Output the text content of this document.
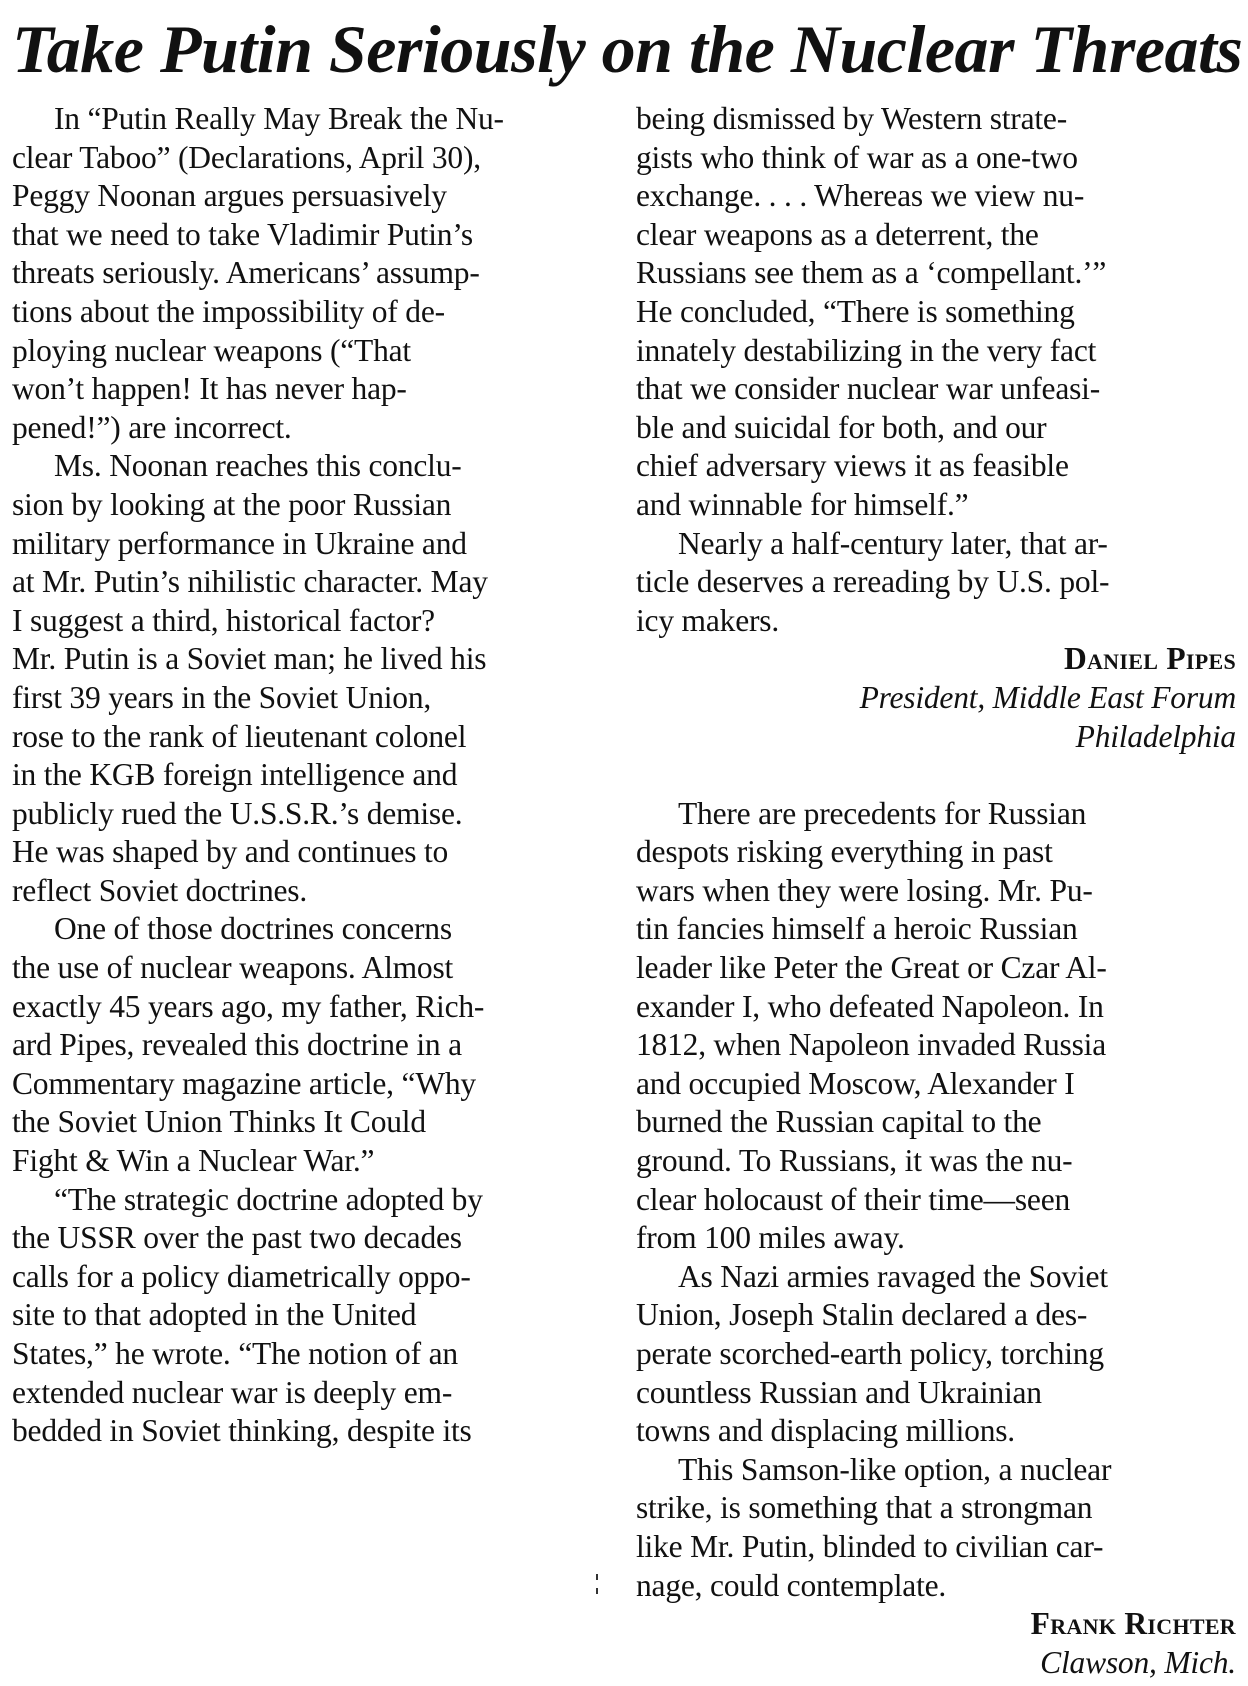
Take Putin Seriously on the Nuclear Threats
In “Putin Really May Break the Nu-
clear Taboo” (Declarations, April 30),
Peggy Noonan argues persuasively
that we need to take Vladimir Putin’s
threats seriously. Americans’ assump-
tions about the impossibility of de-
ploying nuclear weapons (“That
won’t happen! It has never hap-
pened!”) are incorrect.
Ms. Noonan reaches this conclu-
sion by looking at the poor Russian
military performance in Ukraine and
at Mr. Putin’s nihilistic character. May
I suggest a third, historical factor?
Mr. Putin is a Soviet man; he lived his
first 39 years in the Soviet Union,
rose to the rank of lieutenant colonel
in the KGB foreign intelligence and
publicly rued the U.S.S.R.’s demise.
He was shaped by and continues to
reflect Soviet doctrines.
One of those doctrines concerns
the use of nuclear weapons. Almost
exactly 45 years ago, my father, Rich-
ard Pipes, revealed this doctrine in a
Commentary magazine article, “Why
the Soviet Union Thinks It Could
Fight & Win a Nuclear War.”
“The strategic doctrine adopted by
the USSR over the past two decades
calls for a policy diametrically oppo-
site to that adopted in the United
States,” he wrote. “The notion of an
extended nuclear war is deeply em-
bedded in Soviet thinking, despite its
being dismissed by Western strate-
gists who think of war as a one-two
exchange. . . . Whereas we view nu-
clear weapons as a deterrent, the
Russians see them as a ‘compellant.’”
He concluded, “There is something
innately destabilizing in the very fact
that we consider nuclear war unfeasi-
ble and suicidal for both, and our
chief adversary views it as feasible
and winnable for himself.”
Nearly a half-century later, that ar-
ticle deserves a rereading by U.S. pol-
icy makers.
Daniel Pipes
President, Middle East Forum
Philadelphia
There are precedents for Russian
despots risking everything in past
wars when they were losing. Mr. Pu-
tin fancies himself a heroic Russian
leader like Peter the Great or Czar Al-
exander I, who defeated Napoleon. In
1812, when Napoleon invaded Russia
and occupied Moscow, Alexander I
burned the Russian capital to the
ground. To Russians, it was the nu-
clear holocaust of their time—seen
from 100 miles away.
As Nazi armies ravaged the Soviet
Union, Joseph Stalin declared a des-
perate scorched-earth policy, torching
countless Russian and Ukrainian
towns and displacing millions.
This Samson-like option, a nuclear
strike, is something that a strongman
like Mr. Putin, blinded to civilian car-
nage, could contemplate.
Frank Richter
Clawson, Mich.
